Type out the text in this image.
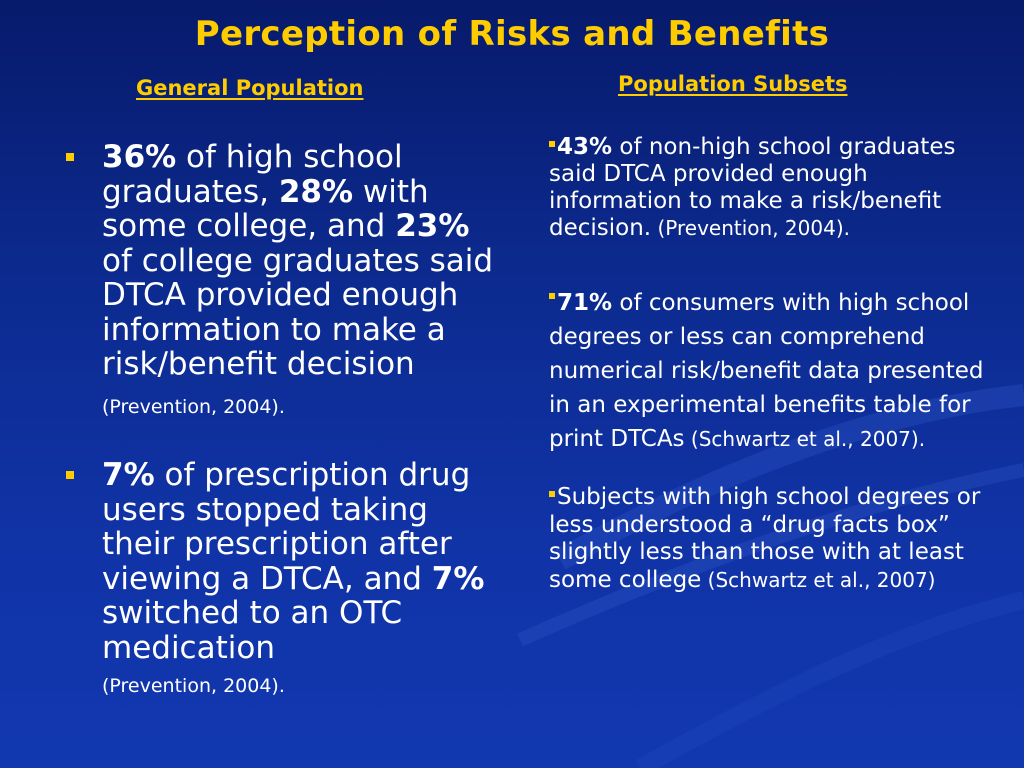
Perception of Risks and Benefits
General Population	Population Subsets
36% of high school graduates, 28% with some college, and 23% of college graduates said DTCA provided enough information to make a risk/benefit decision (Prevention, 2004).
7% of prescription drug users stopped taking their prescription after viewing a DTCA, and 7% switched to an OTC medication
(Prevention, 2004).
43% of non-high school graduates said DTCA provided enough information to make a risk/benefit decision. (Prevention, 2004).
71% of consumers with high school degrees or less can comprehend numerical risk/benefit data presented in an experimental benefits table for print DTCAs (Schwartz et al., 2007).
Subjects with high school degrees or less understood a “drug facts box” slightly less than those with at least some college (Schwartz et al., 2007)
